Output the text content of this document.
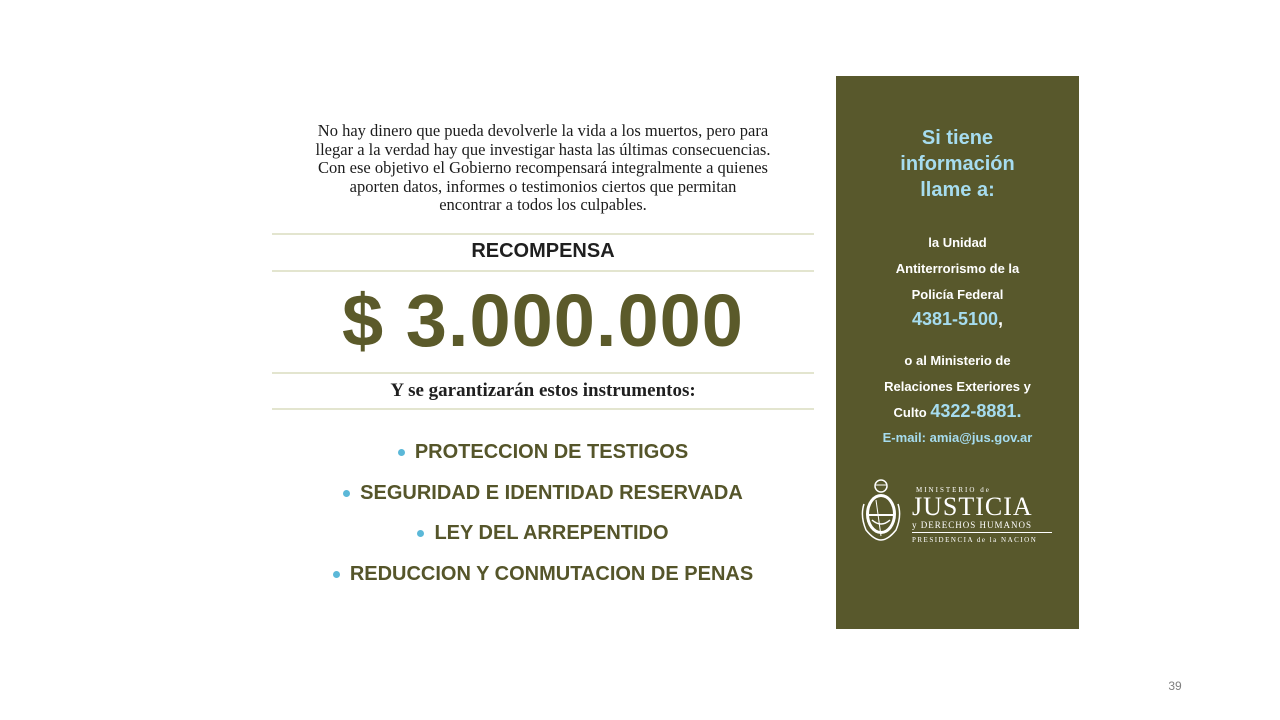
No hay dinero que pueda devolverle la vida a los muertos, pero para
llegar a la verdad hay que investigar hasta las últimas consecuencias.
Con ese objetivo el Gobierno recompensará integralmente a quienes
aporten datos, informes o testimonios ciertos que permitan
encontrar a todos los culpables.
RECOMPENSA
$ 3.000.000
Y se garantizarán estos instrumentos:
PROTECCION DE TESTIGOS
SEGURIDAD E IDENTIDAD RESERVADA
LEY DEL ARREPENTIDO
REDUCCION Y CONMUTACION DE PENAS
Si tiene
información
llame a:
la Unidad
Antiterrorismo de la
Policía Federal
4381-5100,
o al Ministerio de
Relaciones Exteriores y
Culto 4322-8881.
E-mail: amia@jus.gov.ar
MINISTERIO de
JUSTICIA
y DERECHOS HUMANOS
PRESIDENCIA de la NACION
39
